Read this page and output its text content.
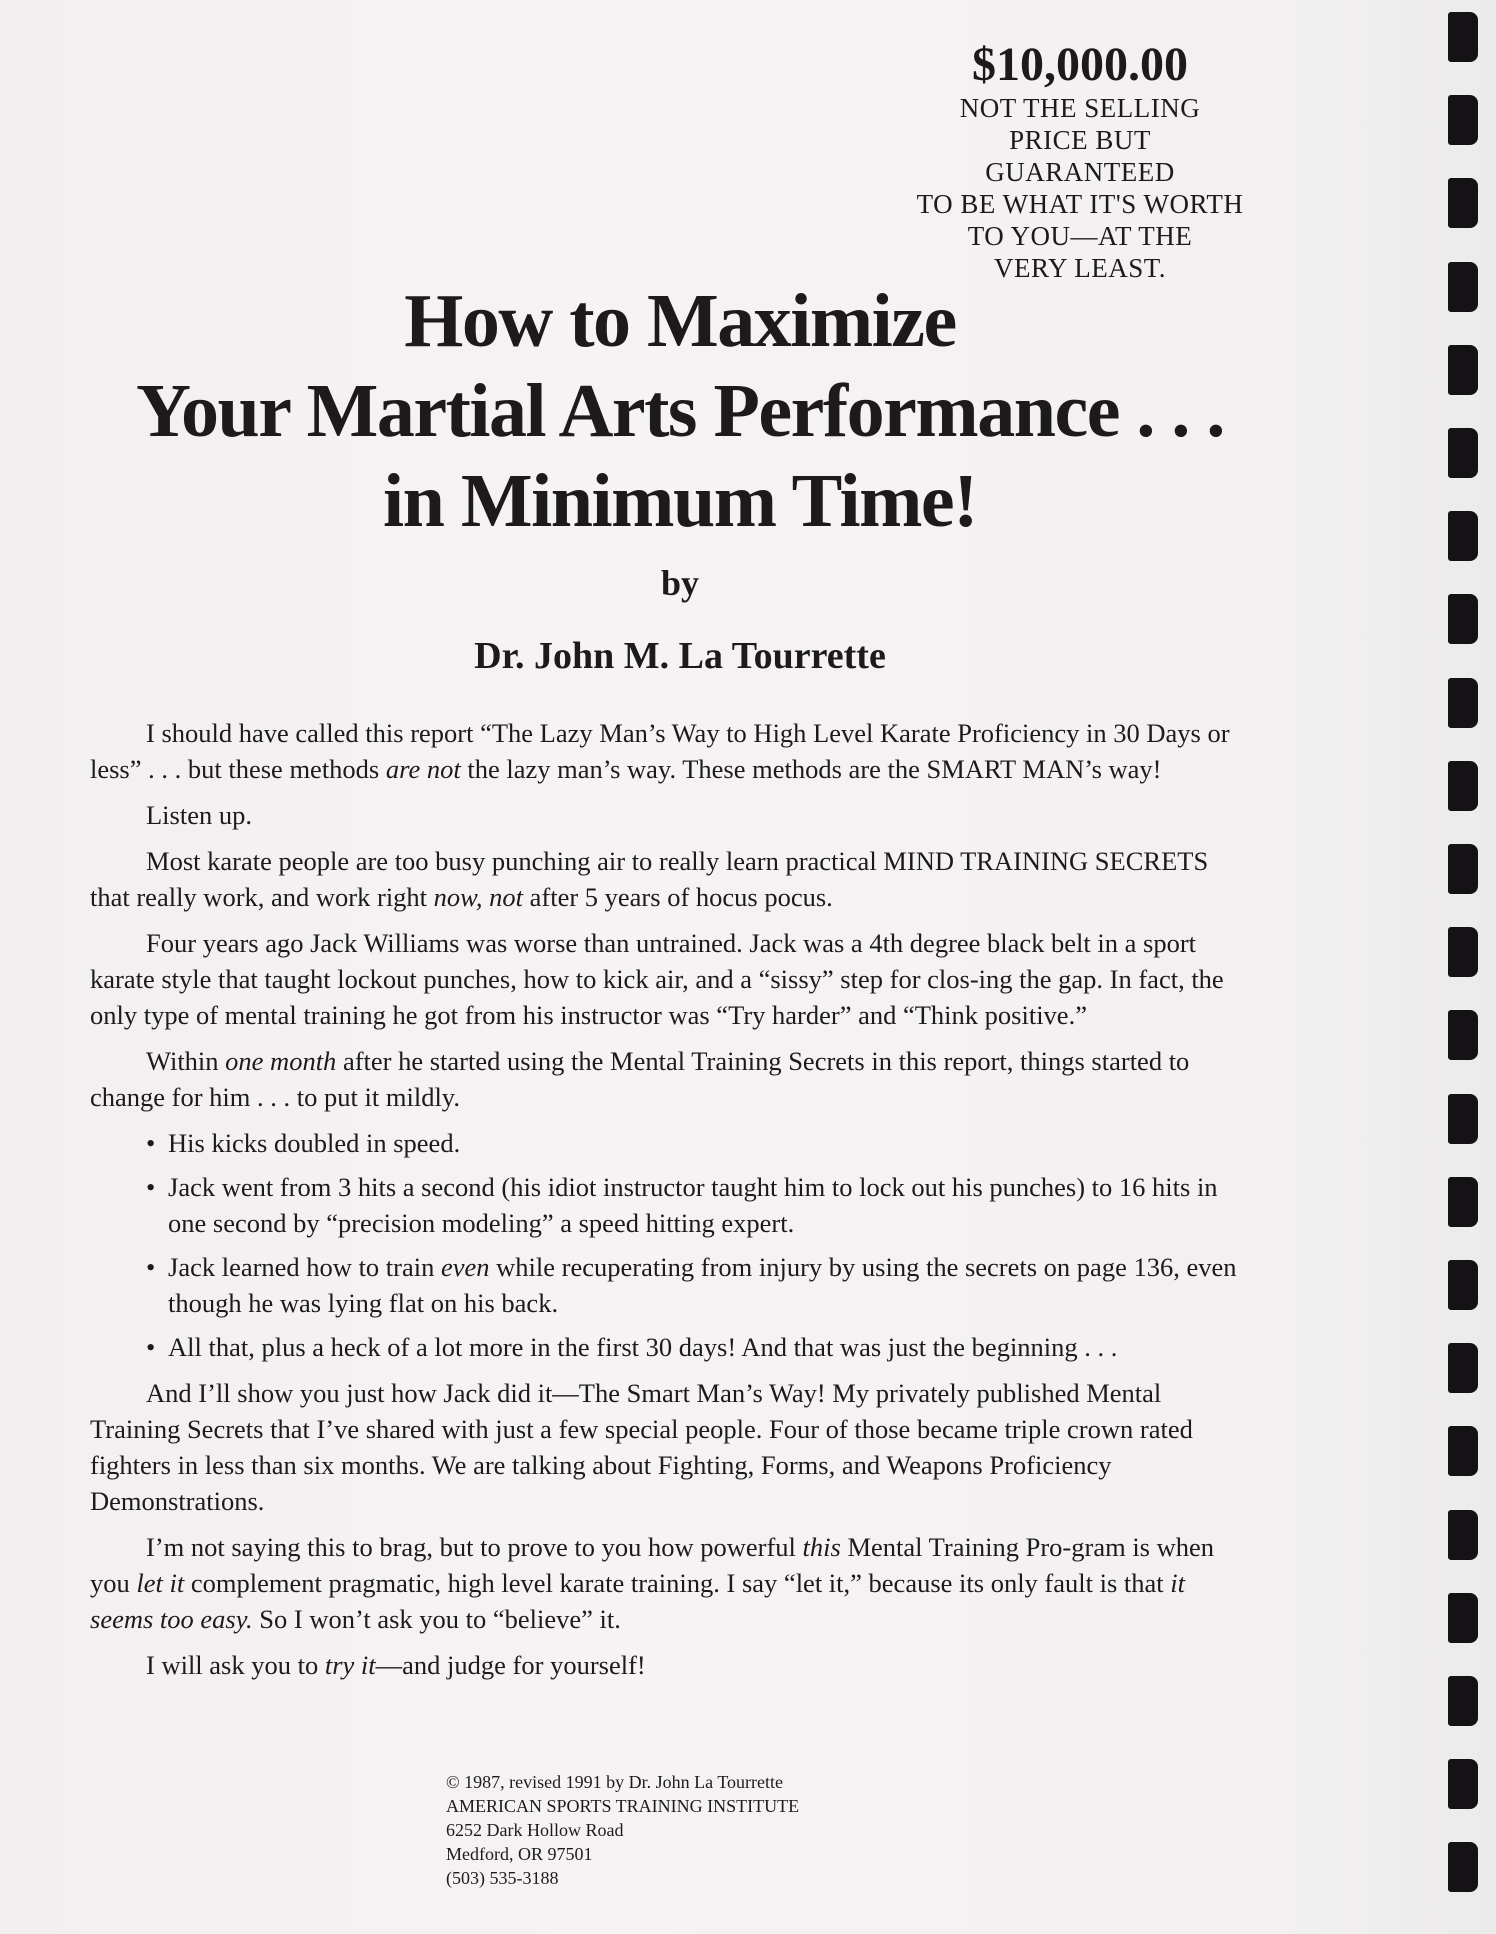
$10,000.00
NOT THE SELLING
PRICE BUT
GUARANTEED
TO BE WHAT IT'S WORTH
TO YOU—AT THE
VERY LEAST.
How to Maximize
Your Martial Arts Performance . . .
in Minimum Time!
by
Dr. John M. La Tourrette

I should have called this report “The Lazy Man’s Way to High Level Karate Proficiency in 30 Days or less” . . . but these methods are not the lazy man’s way. These methods are the SMART MAN’s way!

Listen up.

Most karate people are too busy punching air to really learn practical MIND TRAINING SECRETS that really work, and work right now, not after 5 years of hocus pocus.

Four years ago Jack Williams was worse than untrained. Jack was a 4th degree black belt in a sport karate style that taught lockout punches, how to kick air, and a “sissy” step for clos-ing the gap. In fact, the only type of mental training he got from his instructor was “Try harder” and “Think positive.”

Within one month after he started using the Mental Training Secrets in this report, things started to change for him . . . to put it mildly.

• His kicks doubled in speed.
• Jack went from 3 hits a second (his idiot instructor taught him to lock out his punches) to 16 hits in one second by “precision modeling” a speed hitting expert.
• Jack learned how to train even while recuperating from injury by using the secrets on page 136, even though he was lying flat on his back.
• All that, plus a heck of a lot more in the first 30 days! And that was just the beginning . . .

And I’ll show you just how Jack did it—The Smart Man’s Way! My privately published Mental Training Secrets that I’ve shared with just a few special people. Four of those became triple crown rated fighters in less than six months. We are talking about Fighting, Forms, and Weapons Proficiency Demonstrations.

I’m not saying this to brag, but to prove to you how powerful this Mental Training Pro-gram is when you let it complement pragmatic, high level karate training. I say “let it,” because its only fault is that it seems too easy. So I won’t ask you to “believe” it.

I will ask you to try it—and judge for yourself!

© 1987, revised 1991 by Dr. John La Tourrette
AMERICAN SPORTS TRAINING INSTITUTE
6252 Dark Hollow Road
Medford, OR 97501
(503) 535-3188
